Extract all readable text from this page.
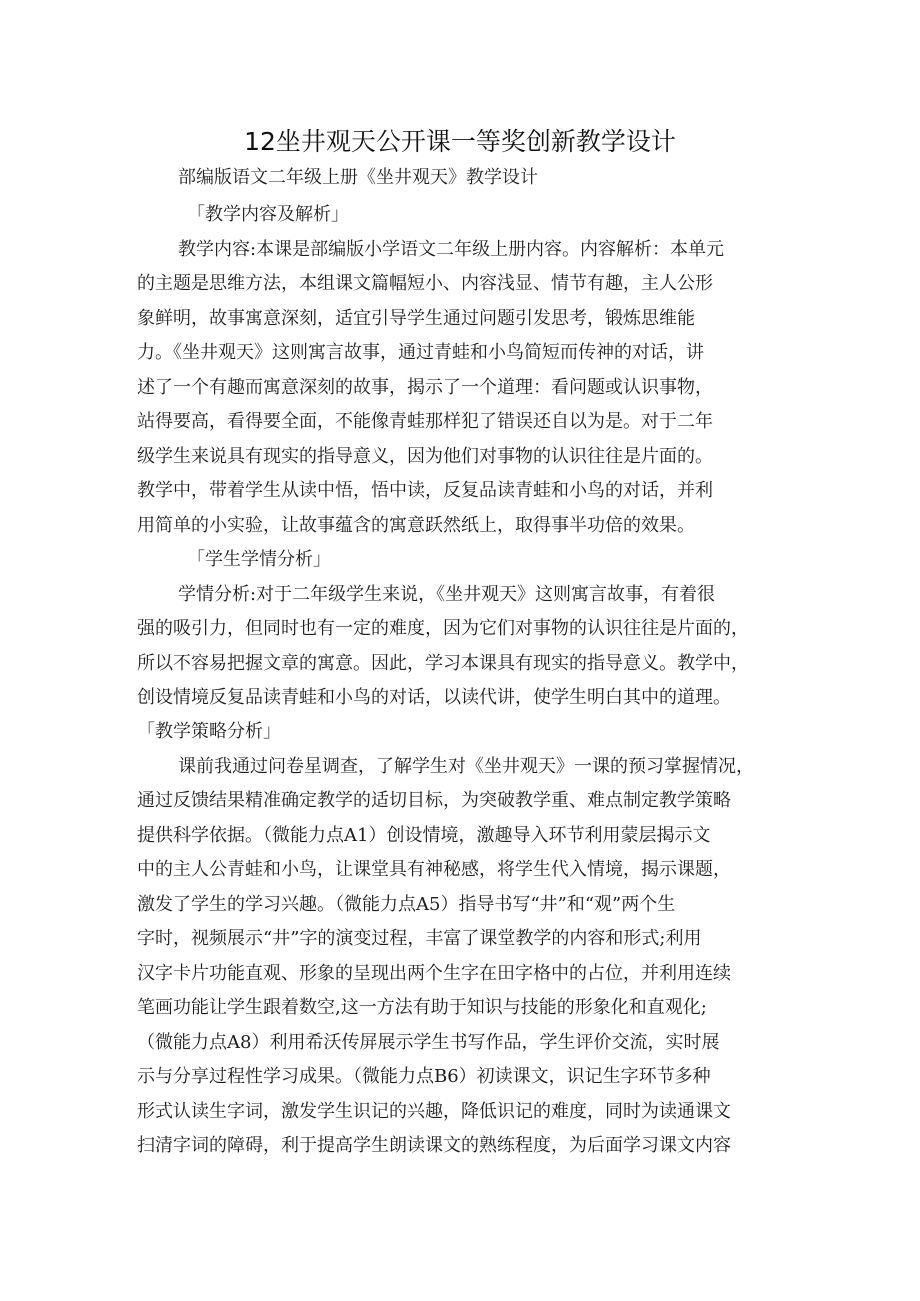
12坐井观天公开课一等奖创新教学设计
部编版语文二年级上册《坐井观天》教学设计
「教学内容及解析」
教学内容:本课是部编版小学语文二年级上册内容。内容解析：本单元
的主题是思维方法，本组课文篇幅短小、内容浅显、情节有趣，主人公形
象鲜明，故事寓意深刻，适宜引导学生通过问题引发思考，锻炼思维能
力。《坐井观天》这则寓言故事，通过青蛙和小鸟简短而传神的对话，讲
述了一个有趣而寓意深刻的故事，揭示了一个道理：看问题或认识事物，
站得要高，看得要全面，不能像青蛙那样犯了错误还自以为是。对于二年
级学生来说具有现实的指导意义，因为他们对事物的认识往往是片面的。
教学中，带着学生从读中悟，悟中读，反复品读青蛙和小鸟的对话，并利
用简单的小实验，让故事蕴含的寓意跃然纸上，取得事半功倍的效果。
「学生学情分析」
学情分析:对于二年级学生来说，《坐井观天》这则寓言故事，有着很
强的吸引力，但同时也有一定的难度，因为它们对事物的认识往往是片面的，
所以不容易把握文章的寓意。因此，学习本课具有现实的指导意义。教学中，
创设情境反复品读青蛙和小鸟的对话，以读代讲，使学生明白其中的道理。
「教学策略分析」
课前我通过问卷星调查，了解学生对《坐井观天》一课的预习掌握情况，
通过反馈结果精准确定教学的适切目标，为突破教学重、难点制定教学策略
提供科学依据。（微能力点A1）创设情境，激趣导入环节利用蒙层揭示文
中的主人公青蛙和小鸟，让课堂具有神秘感，将学生代入情境，揭示课题，
激发了学生的学习兴趣。（微能力点A5）指导书写“井”和“观”两个生
字时，视频展示“井”字的演变过程，丰富了课堂教学的内容和形式;利用
汉字卡片功能直观、形象的呈现出两个生字在田字格中的占位，并利用连续
笔画功能让学生跟着数空,这一方法有助于知识与技能的形象化和直观化;
（微能力点A8）利用希沃传屏展示学生书写作品，学生评价交流，实时展
示与分享过程性学习成果。（微能力点B6）初读课文，识记生字环节多种
形式认读生字词，激发学生识记的兴趣，降低识记的难度，同时为读通课文
扫清字词的障碍，利于提高学生朗读课文的熟练程度，为后面学习课文内容
